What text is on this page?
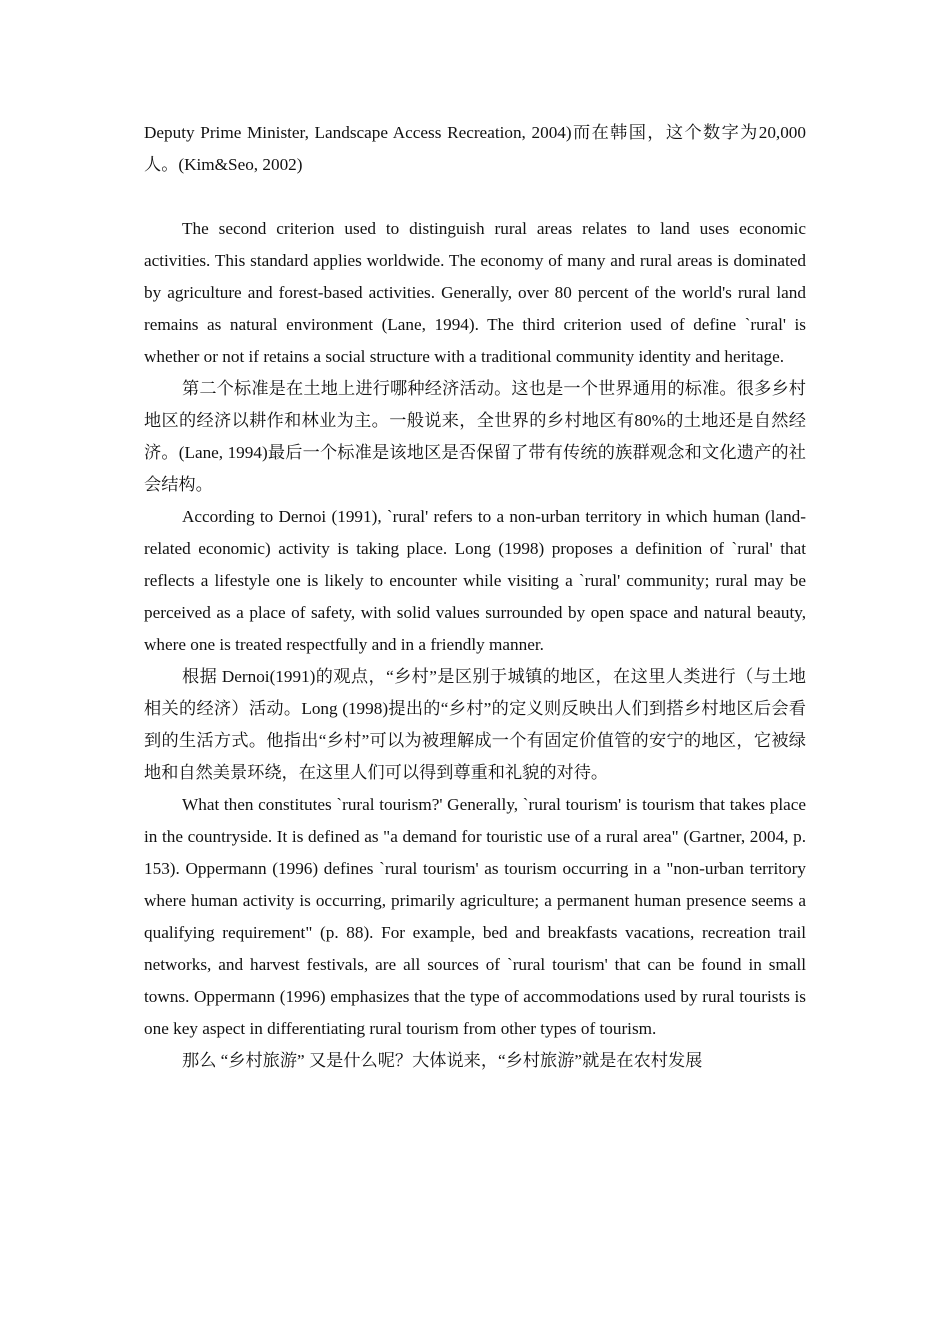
Deputy Prime Minister, Landscape Access Recreation, 2004)而在韩国，这个数字为20,000 人。(Kim&Seo, 2002)

The second criterion used to distinguish rural areas relates to land uses economic activities. This standard applies worldwide. The economy of many and rural areas is dominated by agriculture and forest-based activities. Generally, over 80 percent of the world's rural land remains as natural environment (Lane, 1994). The third criterion used of define `rural' is whether or not if retains a social structure with a traditional community identity and heritage.

第二个标准是在土地上进行哪种经济活动。这也是一个世界通用的标准。很多乡村地区的经济以耕作和林业为主。一般说来，全世界的乡村地区有80%的土地还是自然经济。(Lane, 1994)最后一个标准是该地区是否保留了带有传统的族群观念和文化遗产的社会结构。

According to Dernoi (1991), `rural' refers to a non-urban territory in which human (land-related economic) activity is taking place. Long (1998) proposes a definition of `rural' that reflects a lifestyle one is likely to encounter while visiting a `rural' community; rural may be perceived as a place of safety, with solid values surrounded by open space and natural beauty, where one is treated respectfully and in a friendly manner.

根据 Dernoi(1991)的观点，“乡村”是区别于城镇的地区，在这里人类进行（与土地相关的经济）活动。Long (1998)提出的“乡村”的定义则反映出人们到搭乡村地区后会看到的生活方式。他指出“乡村”可以为被理解成一个有固定价值管的安宁的地区，它被绿地和自然美景环绕，在这里人们可以得到尊重和礼貌的对待。

What then constitutes `rural tourism?' Generally, `rural tourism' is tourism that takes place in the countryside. It is defined as "a demand for touristic use of a rural area" (Gartner, 2004, p. 153). Oppermann (1996) defines `rural tourism' as tourism occurring in a "non-urban territory where human activity is occurring, primarily agriculture; a permanent human presence seems a qualifying requirement" (p. 88). For example, bed and breakfasts vacations, recreation trail networks, and harvest festivals, are all sources of `rural tourism' that can be found in small towns. Oppermann (1996) emphasizes that the type of accommodations used by rural tourists is one key aspect in differentiating rural tourism from other types of tourism.

那么 “乡村旅游” 又是什么呢？大体说来，“乡村旅游”就是在农村发展
